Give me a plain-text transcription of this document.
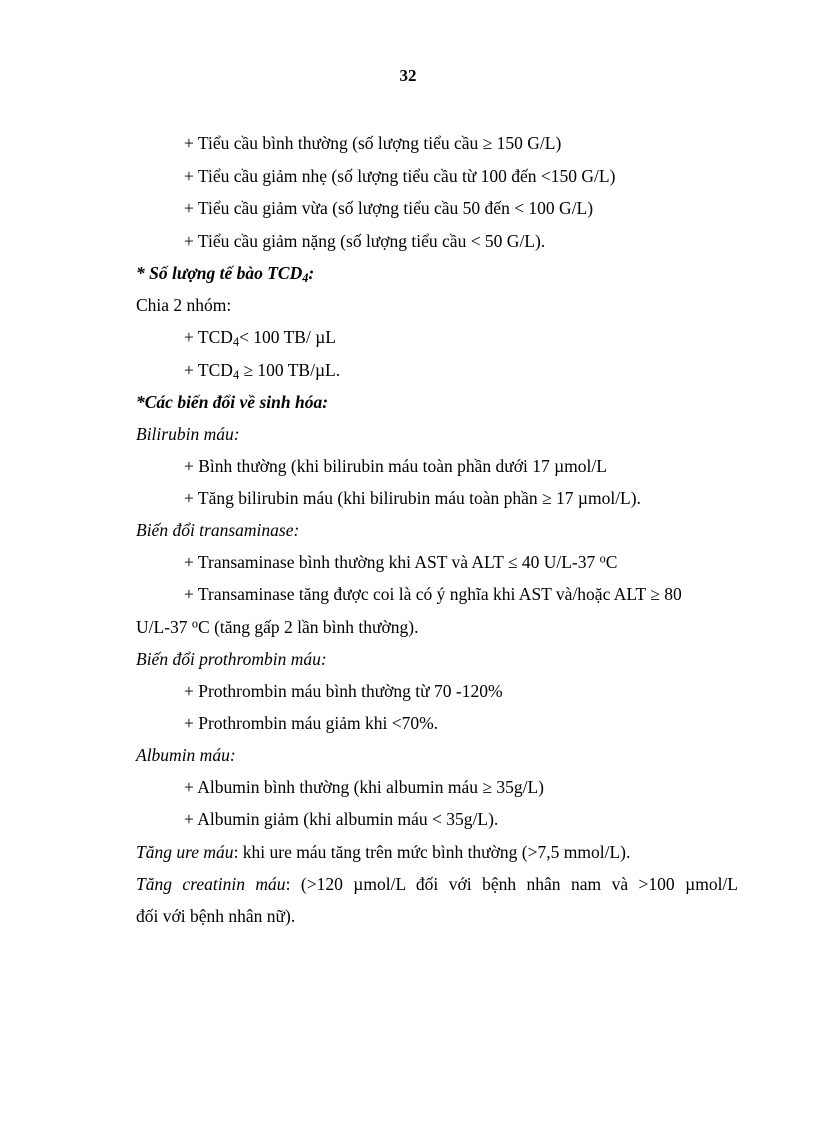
32
+ Tiểu cầu bình thường (số lượng tiểu cầu ≥ 150 G/L)
+ Tiểu cầu giảm nhẹ (số lượng tiểu cầu từ 100 đến <150 G/L)
+ Tiểu cầu giảm vừa (số lượng tiểu cầu 50 đến < 100 G/L)
+ Tiểu cầu giảm nặng (số lượng tiểu cầu < 50 G/L).
* Số lượng tế bào $TCD_4$:
Chia 2 nhóm:
+ $TCD_4< 100$ TB/ µL
+ $TCD_4 \ge 100$ TB/µL.
*Các biến đổi về sinh hóa:
Bilirubin máu:
+ Bình thường (khi bilirubin máu toàn phần dưới 17 µmol/L
+ Tăng bilirubin máu (khi bilirubin máu toàn phần ≥ 17 µmol/L).
Biến đổi transaminase:
+ Transaminase bình thường khi AST và ALT ≤ 40 U/L-37 $^o$C
+ Transaminase tăng được coi là có ý nghĩa khi AST và/hoặc ALT ≥ 80
U/L-37 $^o$C (tăng gấp 2 lần bình thường).
Biến đổi prothrombin máu:
+ Prothrombin máu bình thường từ 70 -120%
+ Prothrombin máu giảm khi <70%.
Albumin máu:
+ Albumin bình thường (khi albumin máu ≥ 35g/L)
+ Albumin giảm (khi albumin máu < 35g/L).
Tăng ure máu: khi ure máu tăng trên mức bình thường (>7,5 mmol/L).
Tăng creatinin máu: (>120 µmol/L đối với bệnh nhân nam và >100 µmol/L
đối với bệnh nhân nữ).
